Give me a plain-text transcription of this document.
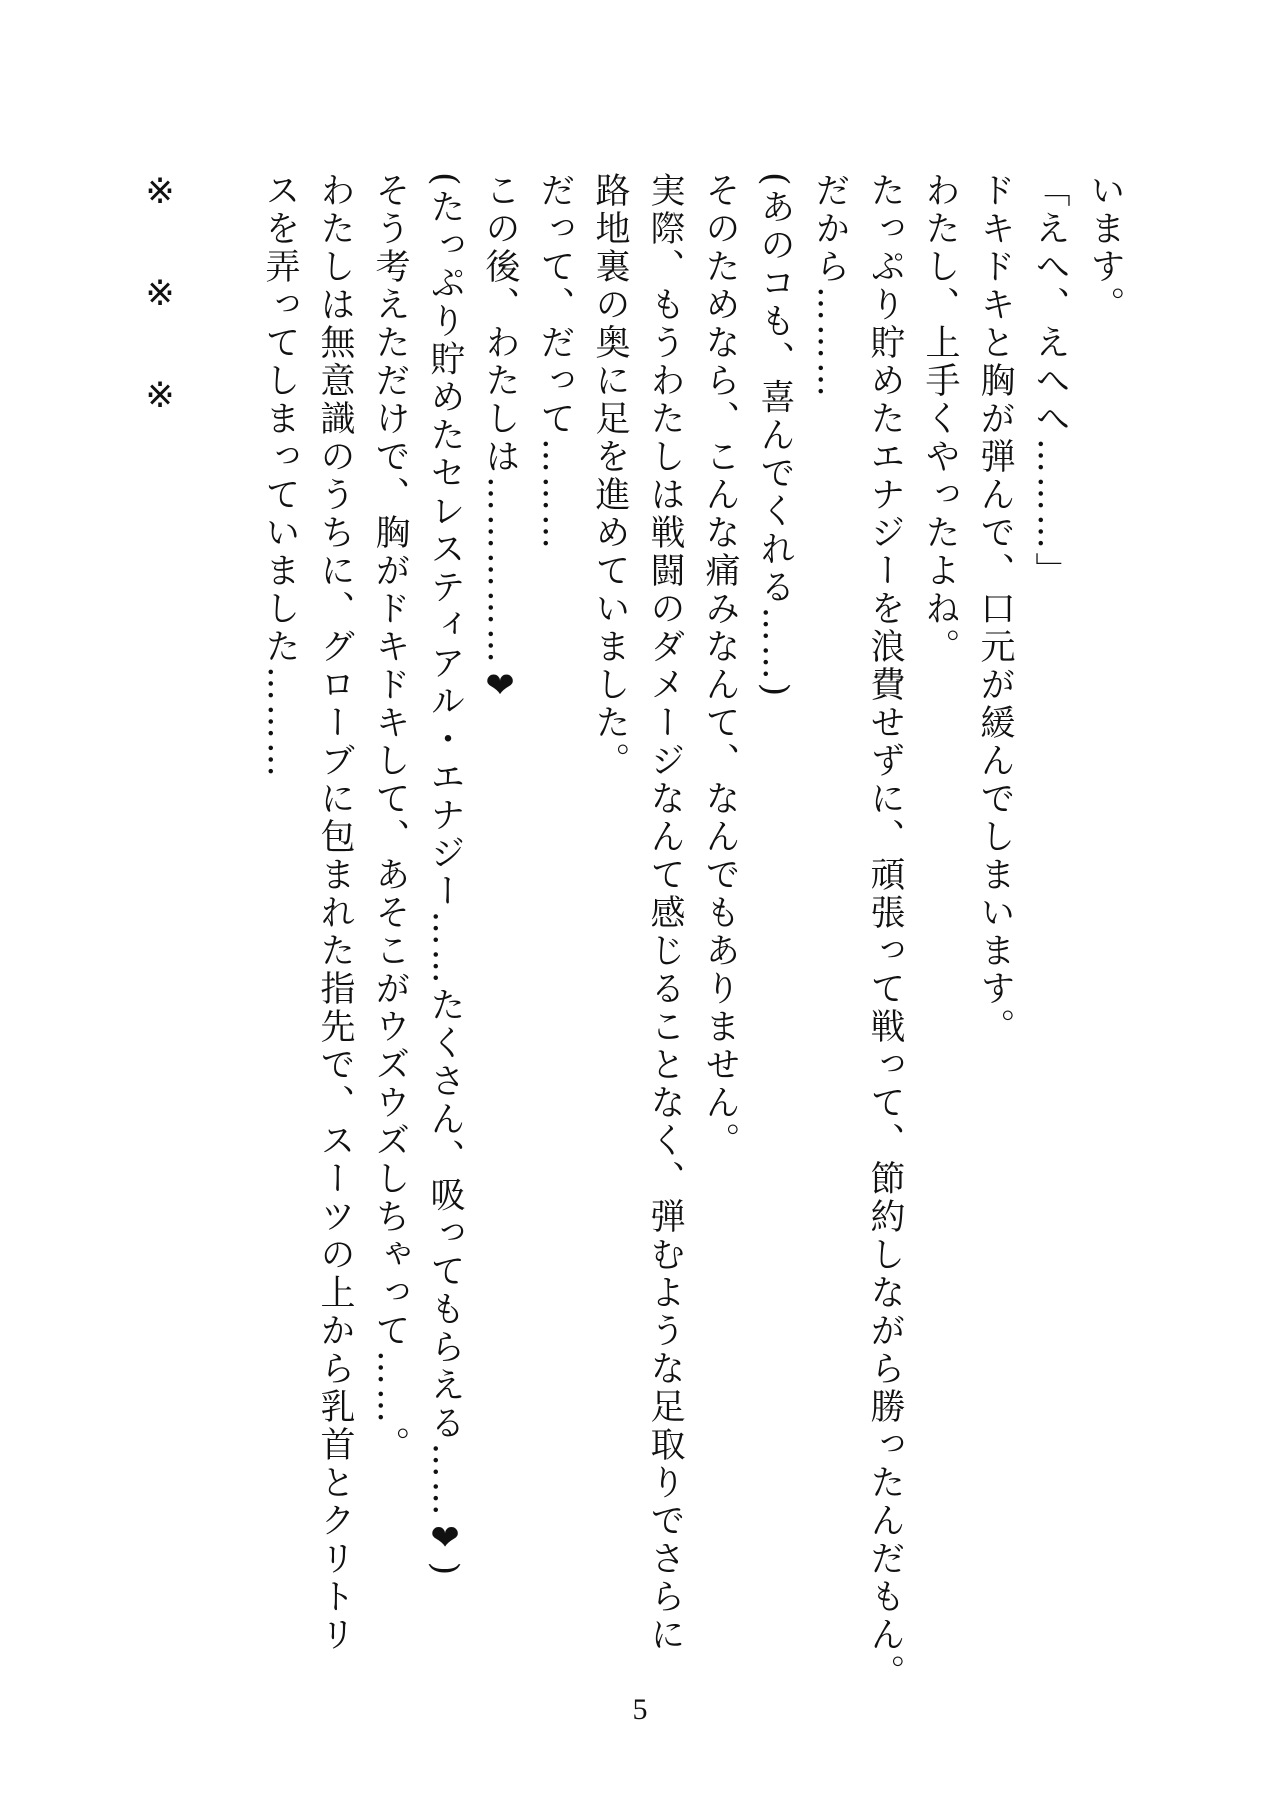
います。
「えへ、えへへ………」
ドキドキと胸が弾んで、口元が緩んでしまいます。
わたし、上手くやったよね。
たっぷり貯めたエナジーを浪費せずに、頑張って戦って、節約しながら勝ったんだもん。
だから………
(あのコも、喜んでくれる……)
そのためなら、こんな痛みなんて、なんでもありません。
実際、もうわたしは戦闘のダメージなんて感じることなく、弾むような足取りでさらに
路地裏の奥に足を進めていました。
だって、だって………
この後、わたしは……………❤
(たっぷり貯めたセレスティアル・エナジー……たくさん、吸ってもらえる……❤)
そう考えただけで、胸がドキドキして、あそこがウズウズしちゃって……。
わたしは無意識のうちに、グローブに包まれた指先で、スーツの上から乳首とクリトリ
スを弄ってしまっていました………
※※※
5
